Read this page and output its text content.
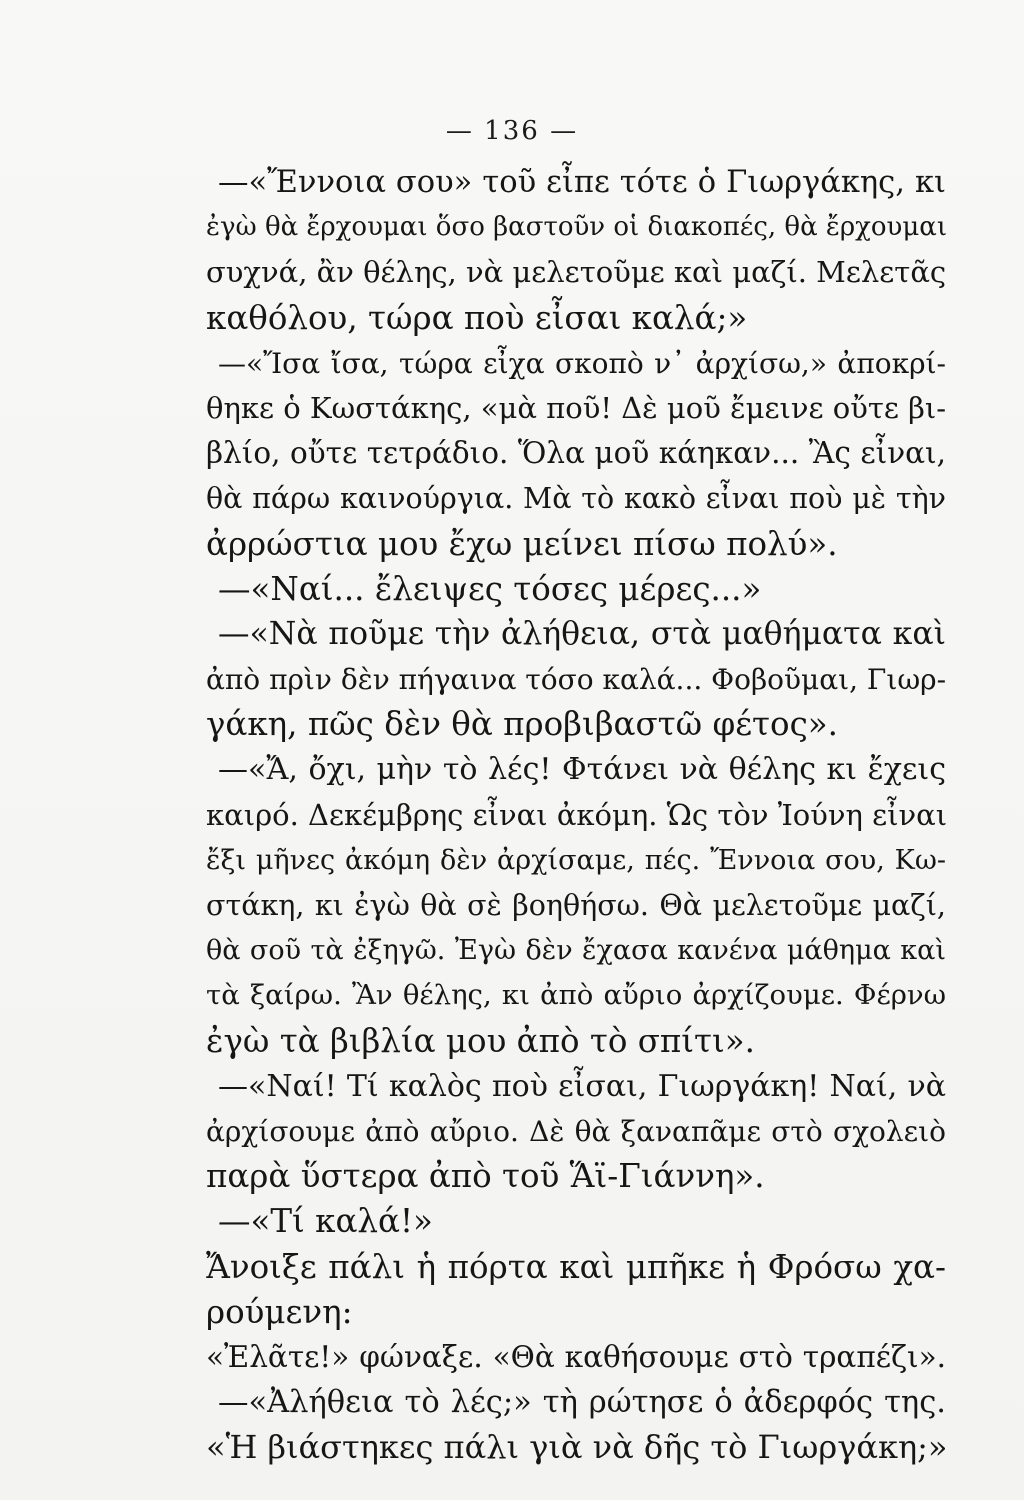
— 136 —
—«Ἔννοια σου» τοῦ εἶπε τότε ὁ Γιωργάκης, κι
ἐγὼ θὰ ἔρχουμαι ὅσο βαστοῦν οἱ διακοπές, θὰ ἔρχουμαι
συχνά, ἂν θέλης, νὰ μελετοῦμε καὶ μαζί. Μελετᾶς
καθόλου, τώρα ποὺ εἶσαι καλά;»
—«Ἴσα ἴσα, τώρα εἶχα σκοπὸ ν᾽ ἀρχίσω,» ἀποκρί-
θηκε ὁ Κωστάκης, «μὰ ποῦ! Δὲ μοῦ ἔμεινε οὔτε βι-
βλίο, οὔτε τετράδιο. Ὅλα μοῦ κάηκαν... Ἂς εἶναι,
θὰ πάρω καινούργια. Μὰ τὸ κακὸ εἶναι ποὺ μὲ τὴν
ἀρρώστια μου ἔχω μείνει πίσω πολύ».
—«Ναί... ἔλειψες τόσες μέρες...»
—«Νὰ ποῦμε τὴν ἀλήθεια, στὰ μαθήματα καὶ
ἀπὸ πρὶν δὲν πήγαινα τόσο καλά... Φοβοῦμαι, Γιωρ-
γάκη, πῶς δὲν θὰ προβιβαστῶ φέτος».
—«Ἄ, ὄχι, μὴν τὸ λές! Φτάνει νὰ θέλης κι ἔχεις
καιρό. Δεκέμβρης εἶναι ἀκόμη. Ὡς τὸν Ἰούνη εἶναι
ἔξι μῆνες ἀκόμη δὲν ἀρχίσαμε, πές. Ἔννοια σου, Κω-
στάκη, κι ἐγὼ θὰ σὲ βοηθήσω. Θὰ μελετοῦμε μαζί,
θὰ σοῦ τὰ ἐξηγῶ. Ἐγὼ δὲν ἔχασα κανένα μάθημα καὶ
τὰ ξαίρω. Ἂν θέλης, κι ἀπὸ αὔριο ἀρχίζουμε. Φέρνω
ἐγὼ τὰ βιβλία μου ἀπὸ τὸ σπίτι».
—«Ναί! Τί καλὸς ποὺ εἶσαι, Γιωργάκη! Ναί, νὰ
ἀρχίσουμε ἀπὸ αὔριο. Δὲ θὰ ξαναπᾶμε στὸ σχολειὸ
παρὰ ὕστερα ἀπὸ τοῦ Ἅϊ-Γιάννη».
—«Τί καλά!»
Ἄνοιξε πάλι ἡ πόρτα καὶ μπῆκε ἡ Φρόσω χα-
ρούμενη:
«Ἐλᾶτε!» φώναξε. «Θὰ καθήσουμε στὸ τραπέζι».
—«Ἀλήθεια τὸ λές;» τὴ ρώτησε ὁ ἀδερφός της.
«Ἡ βιάστηκες πάλι γιὰ νὰ δῆς τὸ Γιωργάκη;»
